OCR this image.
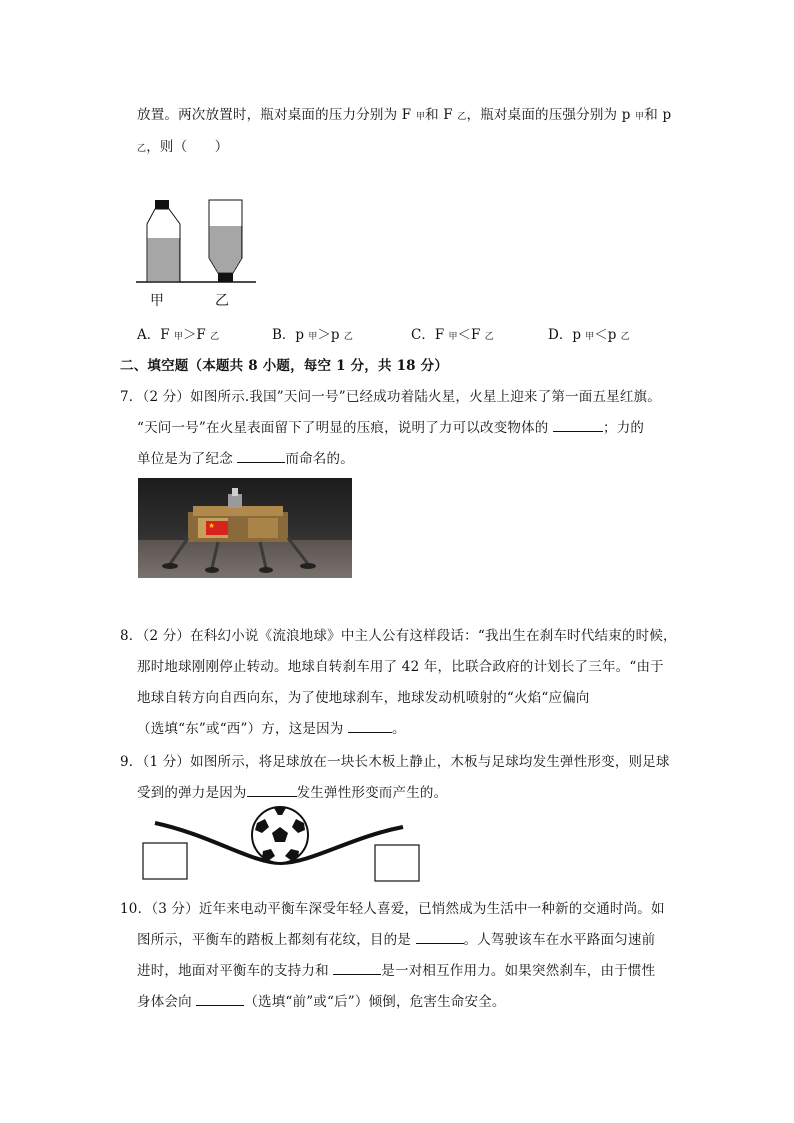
放置。两次放置时，瓶对桌面的压力分别为 F 甲和 F 乙，瓶对桌面的压强分别为 p 甲和 p
乙，则（　　）
甲	乙
A．F 甲＞F 乙	B．p 甲＞p 乙	C．F 甲＜F 乙	D．p 甲＜p 乙
二、填空题（本题共 8 小题，每空 1 分，共 18 分）
7．（2 分）如图所示.我国”天问一号”已经成功着陆火星，火星上迎来了第一面五星红旗。
“天问一号”在火星表面留下了明显的压痕，说明了力可以改变物体的	；力的
单位是为了纪念	而命名的。
8．（2 分）在科幻小说《流浪地球》中主人公有这样段话：“我出生在刹车时代结束的时候，
那时地球刚刚停止转动。地球自转刹车用了 42 年，比联合政府的计划长了三年。“由于
地球自转方向自西向东，为了使地球刹车，地球发动机喷射的“火焰“应偏向
（选填“东”或“西”）方，这是因为	。
9．（1 分）如图所示，将足球放在一块长木板上静止，木板与足球均发生弹性形变，则足球
受到的弹力是因为	发生弹性形变而产生的。
10．（3 分）近年来电动平衡车深受年轻人喜爱，已悄然成为生活中一种新的交通时尚。如
图所示，平衡车的踏板上都刻有花纹，目的是	。人驾驶该车在水平路面匀速前
进时，地面对平衡车的支持力和	是一对相互作用力。如果突然刹车，由于惯性
身体会向	（选填“前”或“后”）倾倒，危害生命安全。
